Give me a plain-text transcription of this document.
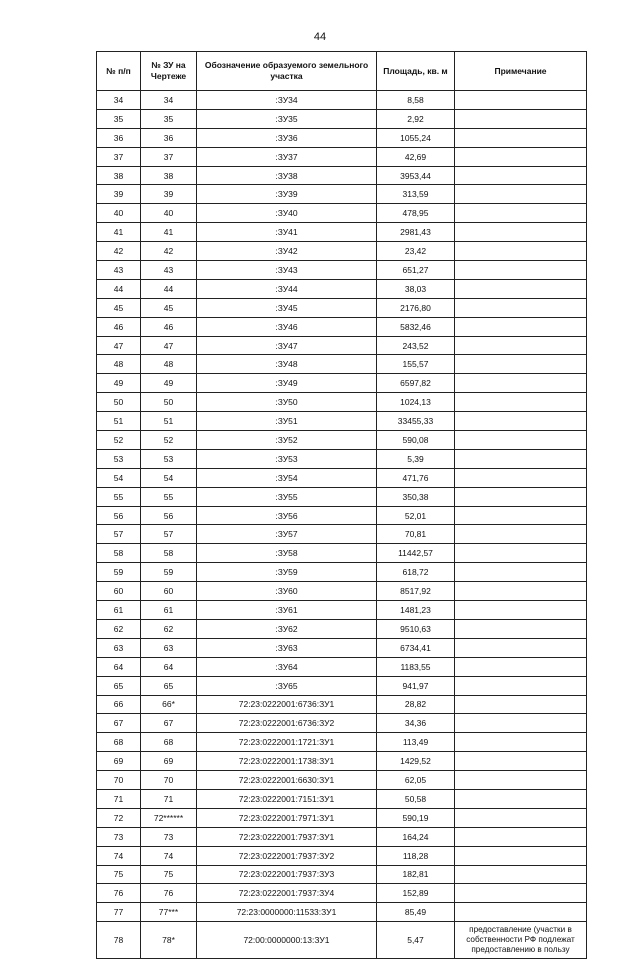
44
№ п/п	№ ЗУ на Чертеже	Обозначение образуемого земельного участка	Площадь, кв. м	Примечание
34	34	:ЗУ34	8,58	
35	35	:ЗУ35	2,92	
36	36	:ЗУ36	1055,24	
37	37	:ЗУ37	42,69	
38	38	:ЗУ38	3953,44	
39	39	:ЗУ39	313,59	
40	40	:ЗУ40	478,95	
41	41	:ЗУ41	2981,43	
42	42	:ЗУ42	23,42	
43	43	:ЗУ43	651,27	
44	44	:ЗУ44	38,03	
45	45	:ЗУ45	2176,80	
46	46	:ЗУ46	5832,46	
47	47	:ЗУ47	243,52	
48	48	:ЗУ48	155,57	
49	49	:ЗУ49	6597,82	
50	50	:ЗУ50	1024,13	
51	51	:ЗУ51	33455,33	
52	52	:ЗУ52	590,08	
53	53	:ЗУ53	5,39	
54	54	:ЗУ54	471,76	
55	55	:ЗУ55	350,38	
56	56	:ЗУ56	52,01	
57	57	:ЗУ57	70,81	
58	58	:ЗУ58	11442,57	
59	59	:ЗУ59	618,72	
60	60	:ЗУ60	8517,92	
61	61	:ЗУ61	1481,23	
62	62	:ЗУ62	9510,63	
63	63	:ЗУ63	6734,41	
64	64	:ЗУ64	1183,55	
65	65	:ЗУ65	941,97	
66	66*	72:23:0222001:6736:ЗУ1	28,82	
67	67	72:23:0222001:6736:ЗУ2	34,36	
68	68	72:23:0222001:1721:ЗУ1	113,49	
69	69	72:23:0222001:1738:ЗУ1	1429,52	
70	70	72:23:0222001:6630:ЗУ1	62,05	
71	71	72:23:0222001:7151:ЗУ1	50,58	
72	72******	72:23:0222001:7971:ЗУ1	590,19	
73	73	72:23:0222001:7937:ЗУ1	164,24	
74	74	72:23:0222001:7937:ЗУ2	118,28	
75	75	72:23:0222001:7937:ЗУ3	182,81	
76	76	72:23:0222001:7937:ЗУ4	152,89	
77	77***	72:23:0000000:11533:ЗУ1	85,49	
78	78*	72:00:0000000:13:ЗУ1	5,47	предоставление (участки в собственности РФ подлежат предоставлению в пользу
